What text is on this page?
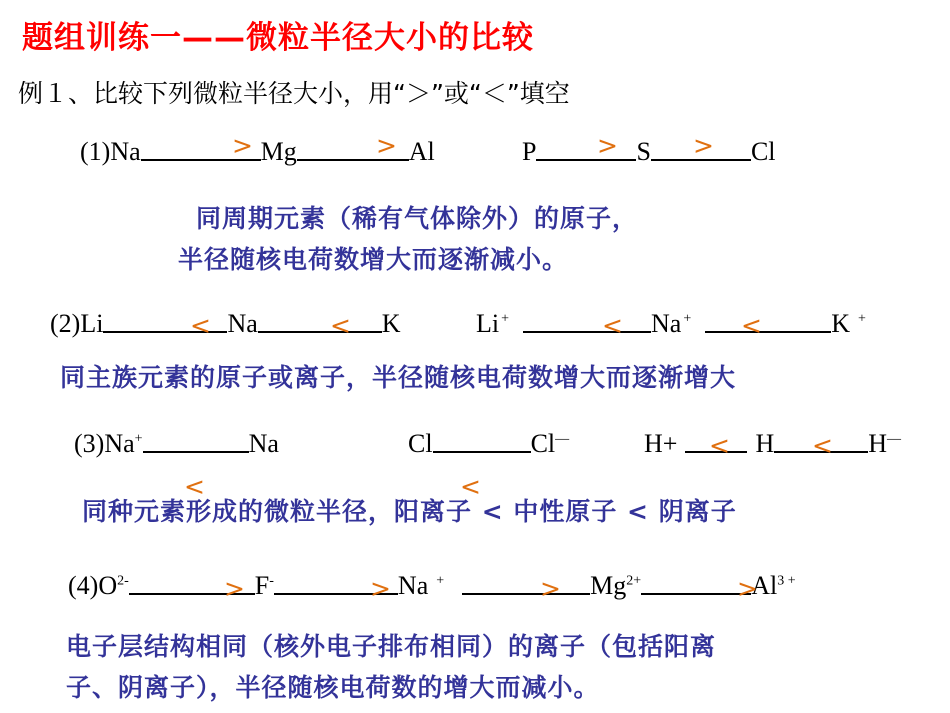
题组训练一——微粒半径大小的比较
例１、比较下列微粒半径大小，用“＞”或“＜”填空
(1)Na	Mg	Al	P	S	Cl
>	>	>	>
同周期元素（稀有气体除外）的原子，
半径随核电荷数增大而逐渐减小。
(2)Li	Na	K	Li +	Na +	K +
<	<	<	<
同主族元素的原子或离子，半径随核电荷数增大而逐渐增大
(3)Na+	Na	Cl	Cl—	H+	H	H—
<	<
<	<
同种元素形成的微粒半径，阳离子 < 中性原子 < 阴离子
$(4)O^{2-}$	F-	Na +	$Mg^{2+}$	$Al^{3 +}$
>	>	>	>
电子层结构相同（核外电子排布相同）的离子（包括阳离
子、阴离子），半径随核电荷数的增大而减小。
